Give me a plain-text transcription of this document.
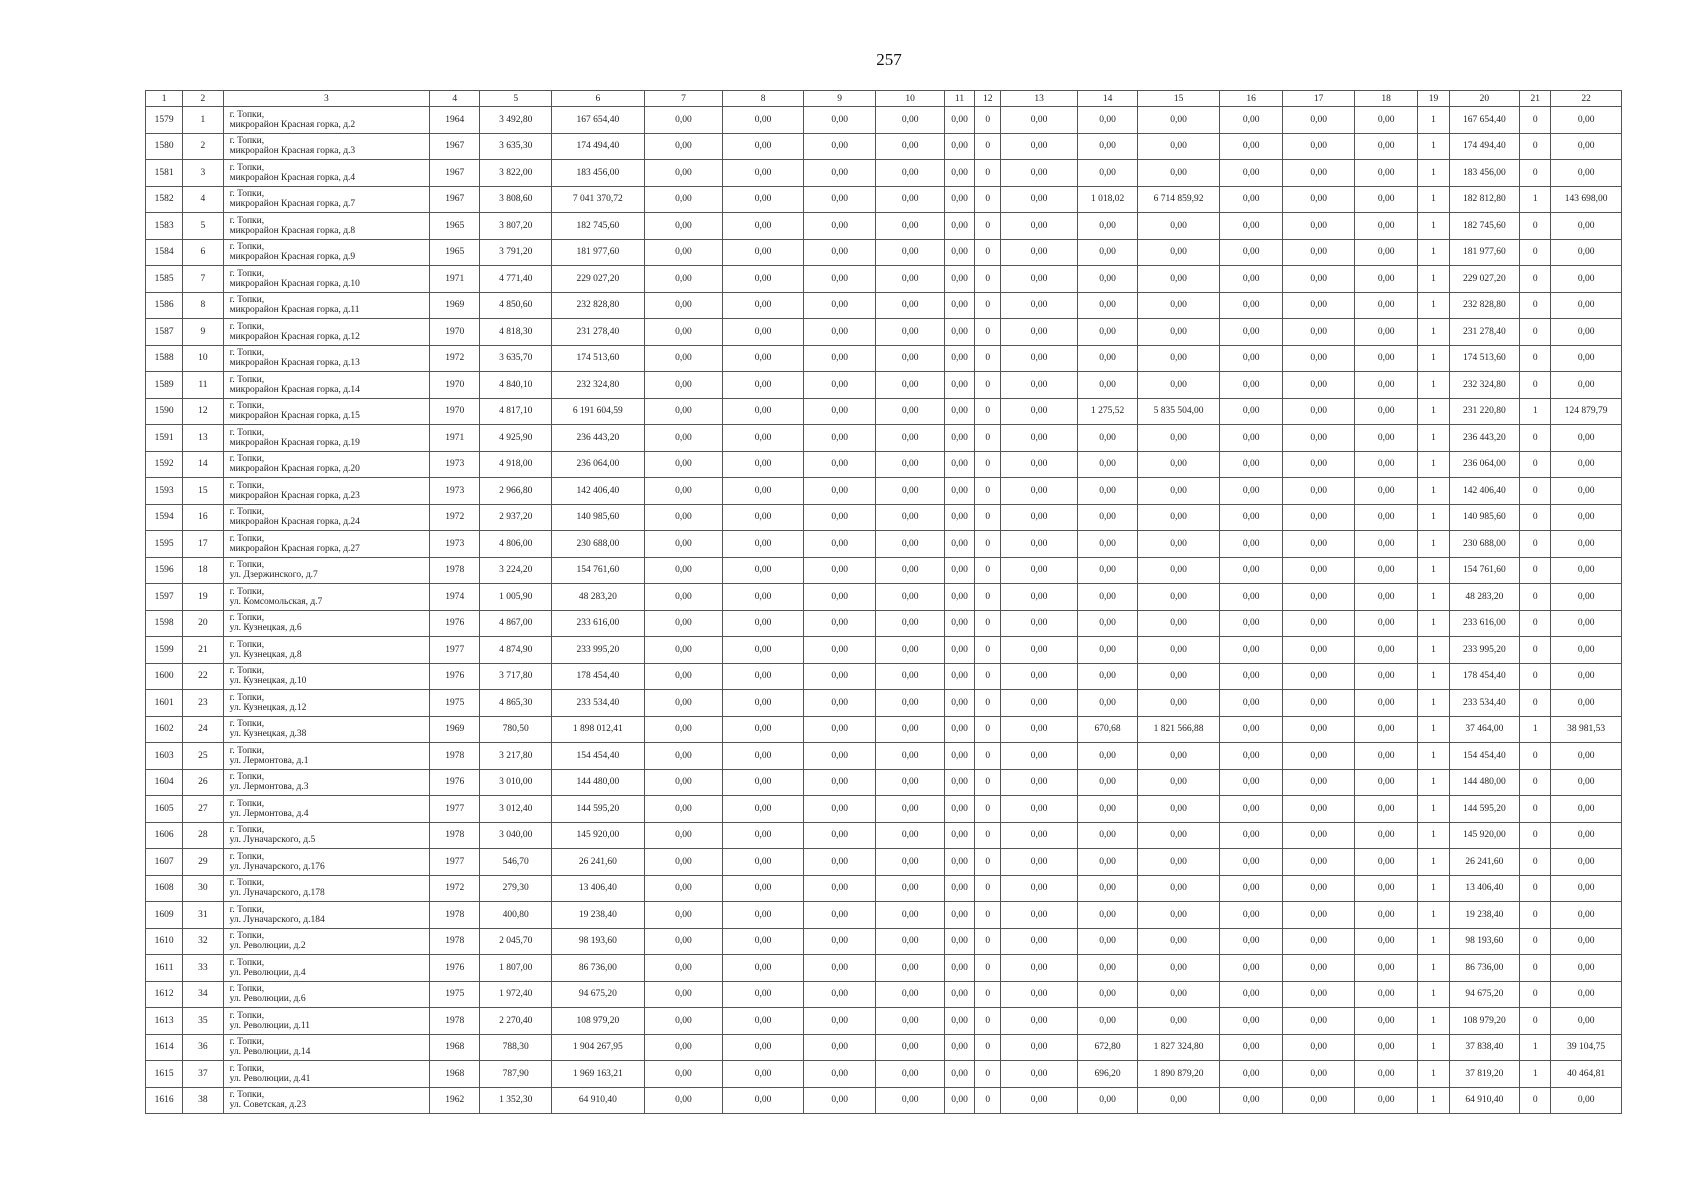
257
1	2	3	4	5	6	7	8	9	10	11	12	13	14	15	16	17	18	19	20	21	22
1579	1	г. Топки,
микрорайон Красная горка, д.2	1964	3 492,80	167 654,40	0,00	0,00	0,00	0,00	0,00	0	0,00	0,00	0,00	0,00	0,00	0,00	1	167 654,40	0	0,00
1580	2	г. Топки,
микрорайон Красная горка, д.3	1967	3 635,30	174 494,40	0,00	0,00	0,00	0,00	0,00	0	0,00	0,00	0,00	0,00	0,00	0,00	1	174 494,40	0	0,00
1581	3	г. Топки,
микрорайон Красная горка, д.4	1967	3 822,00	183 456,00	0,00	0,00	0,00	0,00	0,00	0	0,00	0,00	0,00	0,00	0,00	0,00	1	183 456,00	0	0,00
1582	4	г. Топки,
микрорайон Красная горка, д.7	1967	3 808,60	7 041 370,72	0,00	0,00	0,00	0,00	0,00	0	0,00	1 018,02	6 714 859,92	0,00	0,00	0,00	1	182 812,80	1	143 698,00
1583	5	г. Топки,
микрорайон Красная горка, д.8	1965	3 807,20	182 745,60	0,00	0,00	0,00	0,00	0,00	0	0,00	0,00	0,00	0,00	0,00	0,00	1	182 745,60	0	0,00
1584	6	г. Топки,
микрорайон Красная горка, д.9	1965	3 791,20	181 977,60	0,00	0,00	0,00	0,00	0,00	0	0,00	0,00	0,00	0,00	0,00	0,00	1	181 977,60	0	0,00
1585	7	г. Топки,
микрорайон Красная горка, д.10	1971	4 771,40	229 027,20	0,00	0,00	0,00	0,00	0,00	0	0,00	0,00	0,00	0,00	0,00	0,00	1	229 027,20	0	0,00
1586	8	г. Топки,
микрорайон Красная горка, д.11	1969	4 850,60	232 828,80	0,00	0,00	0,00	0,00	0,00	0	0,00	0,00	0,00	0,00	0,00	0,00	1	232 828,80	0	0,00
1587	9	г. Топки,
микрорайон Красная горка, д.12	1970	4 818,30	231 278,40	0,00	0,00	0,00	0,00	0,00	0	0,00	0,00	0,00	0,00	0,00	0,00	1	231 278,40	0	0,00
1588	10	г. Топки,
микрорайон Красная горка, д.13	1972	3 635,70	174 513,60	0,00	0,00	0,00	0,00	0,00	0	0,00	0,00	0,00	0,00	0,00	0,00	1	174 513,60	0	0,00
1589	11	г. Топки,
микрорайон Красная горка, д.14	1970	4 840,10	232 324,80	0,00	0,00	0,00	0,00	0,00	0	0,00	0,00	0,00	0,00	0,00	0,00	1	232 324,80	0	0,00
1590	12	г. Топки,
микрорайон Красная горка, д.15	1970	4 817,10	6 191 604,59	0,00	0,00	0,00	0,00	0,00	0	0,00	1 275,52	5 835 504,00	0,00	0,00	0,00	1	231 220,80	1	124 879,79
1591	13	г. Топки,
микрорайон Красная горка, д.19	1971	4 925,90	236 443,20	0,00	0,00	0,00	0,00	0,00	0	0,00	0,00	0,00	0,00	0,00	0,00	1	236 443,20	0	0,00
1592	14	г. Топки,
микрорайон Красная горка, д.20	1973	4 918,00	236 064,00	0,00	0,00	0,00	0,00	0,00	0	0,00	0,00	0,00	0,00	0,00	0,00	1	236 064,00	0	0,00
1593	15	г. Топки,
микрорайон Красная горка, д.23	1973	2 966,80	142 406,40	0,00	0,00	0,00	0,00	0,00	0	0,00	0,00	0,00	0,00	0,00	0,00	1	142 406,40	0	0,00
1594	16	г. Топки,
микрорайон Красная горка, д.24	1972	2 937,20	140 985,60	0,00	0,00	0,00	0,00	0,00	0	0,00	0,00	0,00	0,00	0,00	0,00	1	140 985,60	0	0,00
1595	17	г. Топки,
микрорайон Красная горка, д.27	1973	4 806,00	230 688,00	0,00	0,00	0,00	0,00	0,00	0	0,00	0,00	0,00	0,00	0,00	0,00	1	230 688,00	0	0,00
1596	18	г. Топки,
ул. Дзержинского, д.7	1978	3 224,20	154 761,60	0,00	0,00	0,00	0,00	0,00	0	0,00	0,00	0,00	0,00	0,00	0,00	1	154 761,60	0	0,00
1597	19	г. Топки,
ул. Комсомольская, д.7	1974	1 005,90	48 283,20	0,00	0,00	0,00	0,00	0,00	0	0,00	0,00	0,00	0,00	0,00	0,00	1	48 283,20	0	0,00
1598	20	г. Топки,
ул. Кузнецкая, д.6	1976	4 867,00	233 616,00	0,00	0,00	0,00	0,00	0,00	0	0,00	0,00	0,00	0,00	0,00	0,00	1	233 616,00	0	0,00
1599	21	г. Топки,
ул. Кузнецкая, д.8	1977	4 874,90	233 995,20	0,00	0,00	0,00	0,00	0,00	0	0,00	0,00	0,00	0,00	0,00	0,00	1	233 995,20	0	0,00
1600	22	г. Топки,
ул. Кузнецкая, д.10	1976	3 717,80	178 454,40	0,00	0,00	0,00	0,00	0,00	0	0,00	0,00	0,00	0,00	0,00	0,00	1	178 454,40	0	0,00
1601	23	г. Топки,
ул. Кузнецкая, д.12	1975	4 865,30	233 534,40	0,00	0,00	0,00	0,00	0,00	0	0,00	0,00	0,00	0,00	0,00	0,00	1	233 534,40	0	0,00
1602	24	г. Топки,
ул. Кузнецкая, д.38	1969	780,50	1 898 012,41	0,00	0,00	0,00	0,00	0,00	0	0,00	670,68	1 821 566,88	0,00	0,00	0,00	1	37 464,00	1	38 981,53
1603	25	г. Топки,
ул. Лермонтова, д.1	1978	3 217,80	154 454,40	0,00	0,00	0,00	0,00	0,00	0	0,00	0,00	0,00	0,00	0,00	0,00	1	154 454,40	0	0,00
1604	26	г. Топки,
ул. Лермонтова, д.3	1976	3 010,00	144 480,00	0,00	0,00	0,00	0,00	0,00	0	0,00	0,00	0,00	0,00	0,00	0,00	1	144 480,00	0	0,00
1605	27	г. Топки,
ул. Лермонтова, д.4	1977	3 012,40	144 595,20	0,00	0,00	0,00	0,00	0,00	0	0,00	0,00	0,00	0,00	0,00	0,00	1	144 595,20	0	0,00
1606	28	г. Топки,
ул. Луначарского, д.5	1978	3 040,00	145 920,00	0,00	0,00	0,00	0,00	0,00	0	0,00	0,00	0,00	0,00	0,00	0,00	1	145 920,00	0	0,00
1607	29	г. Топки,
ул. Луначарского, д.176	1977	546,70	26 241,60	0,00	0,00	0,00	0,00	0,00	0	0,00	0,00	0,00	0,00	0,00	0,00	1	26 241,60	0	0,00
1608	30	г. Топки,
ул. Луначарского, д.178	1972	279,30	13 406,40	0,00	0,00	0,00	0,00	0,00	0	0,00	0,00	0,00	0,00	0,00	0,00	1	13 406,40	0	0,00
1609	31	г. Топки,
ул. Луначарского, д.184	1978	400,80	19 238,40	0,00	0,00	0,00	0,00	0,00	0	0,00	0,00	0,00	0,00	0,00	0,00	1	19 238,40	0	0,00
1610	32	г. Топки,
ул. Революции, д.2	1978	2 045,70	98 193,60	0,00	0,00	0,00	0,00	0,00	0	0,00	0,00	0,00	0,00	0,00	0,00	1	98 193,60	0	0,00
1611	33	г. Топки,
ул. Революции, д.4	1976	1 807,00	86 736,00	0,00	0,00	0,00	0,00	0,00	0	0,00	0,00	0,00	0,00	0,00	0,00	1	86 736,00	0	0,00
1612	34	г. Топки,
ул. Революции, д.6	1975	1 972,40	94 675,20	0,00	0,00	0,00	0,00	0,00	0	0,00	0,00	0,00	0,00	0,00	0,00	1	94 675,20	0	0,00
1613	35	г. Топки,
ул. Революции, д.11	1978	2 270,40	108 979,20	0,00	0,00	0,00	0,00	0,00	0	0,00	0,00	0,00	0,00	0,00	0,00	1	108 979,20	0	0,00
1614	36	г. Топки,
ул. Революции, д.14	1968	788,30	1 904 267,95	0,00	0,00	0,00	0,00	0,00	0	0,00	672,80	1 827 324,80	0,00	0,00	0,00	1	37 838,40	1	39 104,75
1615	37	г. Топки,
ул. Революции, д.41	1968	787,90	1 969 163,21	0,00	0,00	0,00	0,00	0,00	0	0,00	696,20	1 890 879,20	0,00	0,00	0,00	1	37 819,20	1	40 464,81
1616	38	г. Топки,
ул. Советская, д.23	1962	1 352,30	64 910,40	0,00	0,00	0,00	0,00	0,00	0	0,00	0,00	0,00	0,00	0,00	0,00	1	64 910,40	0	0,00
